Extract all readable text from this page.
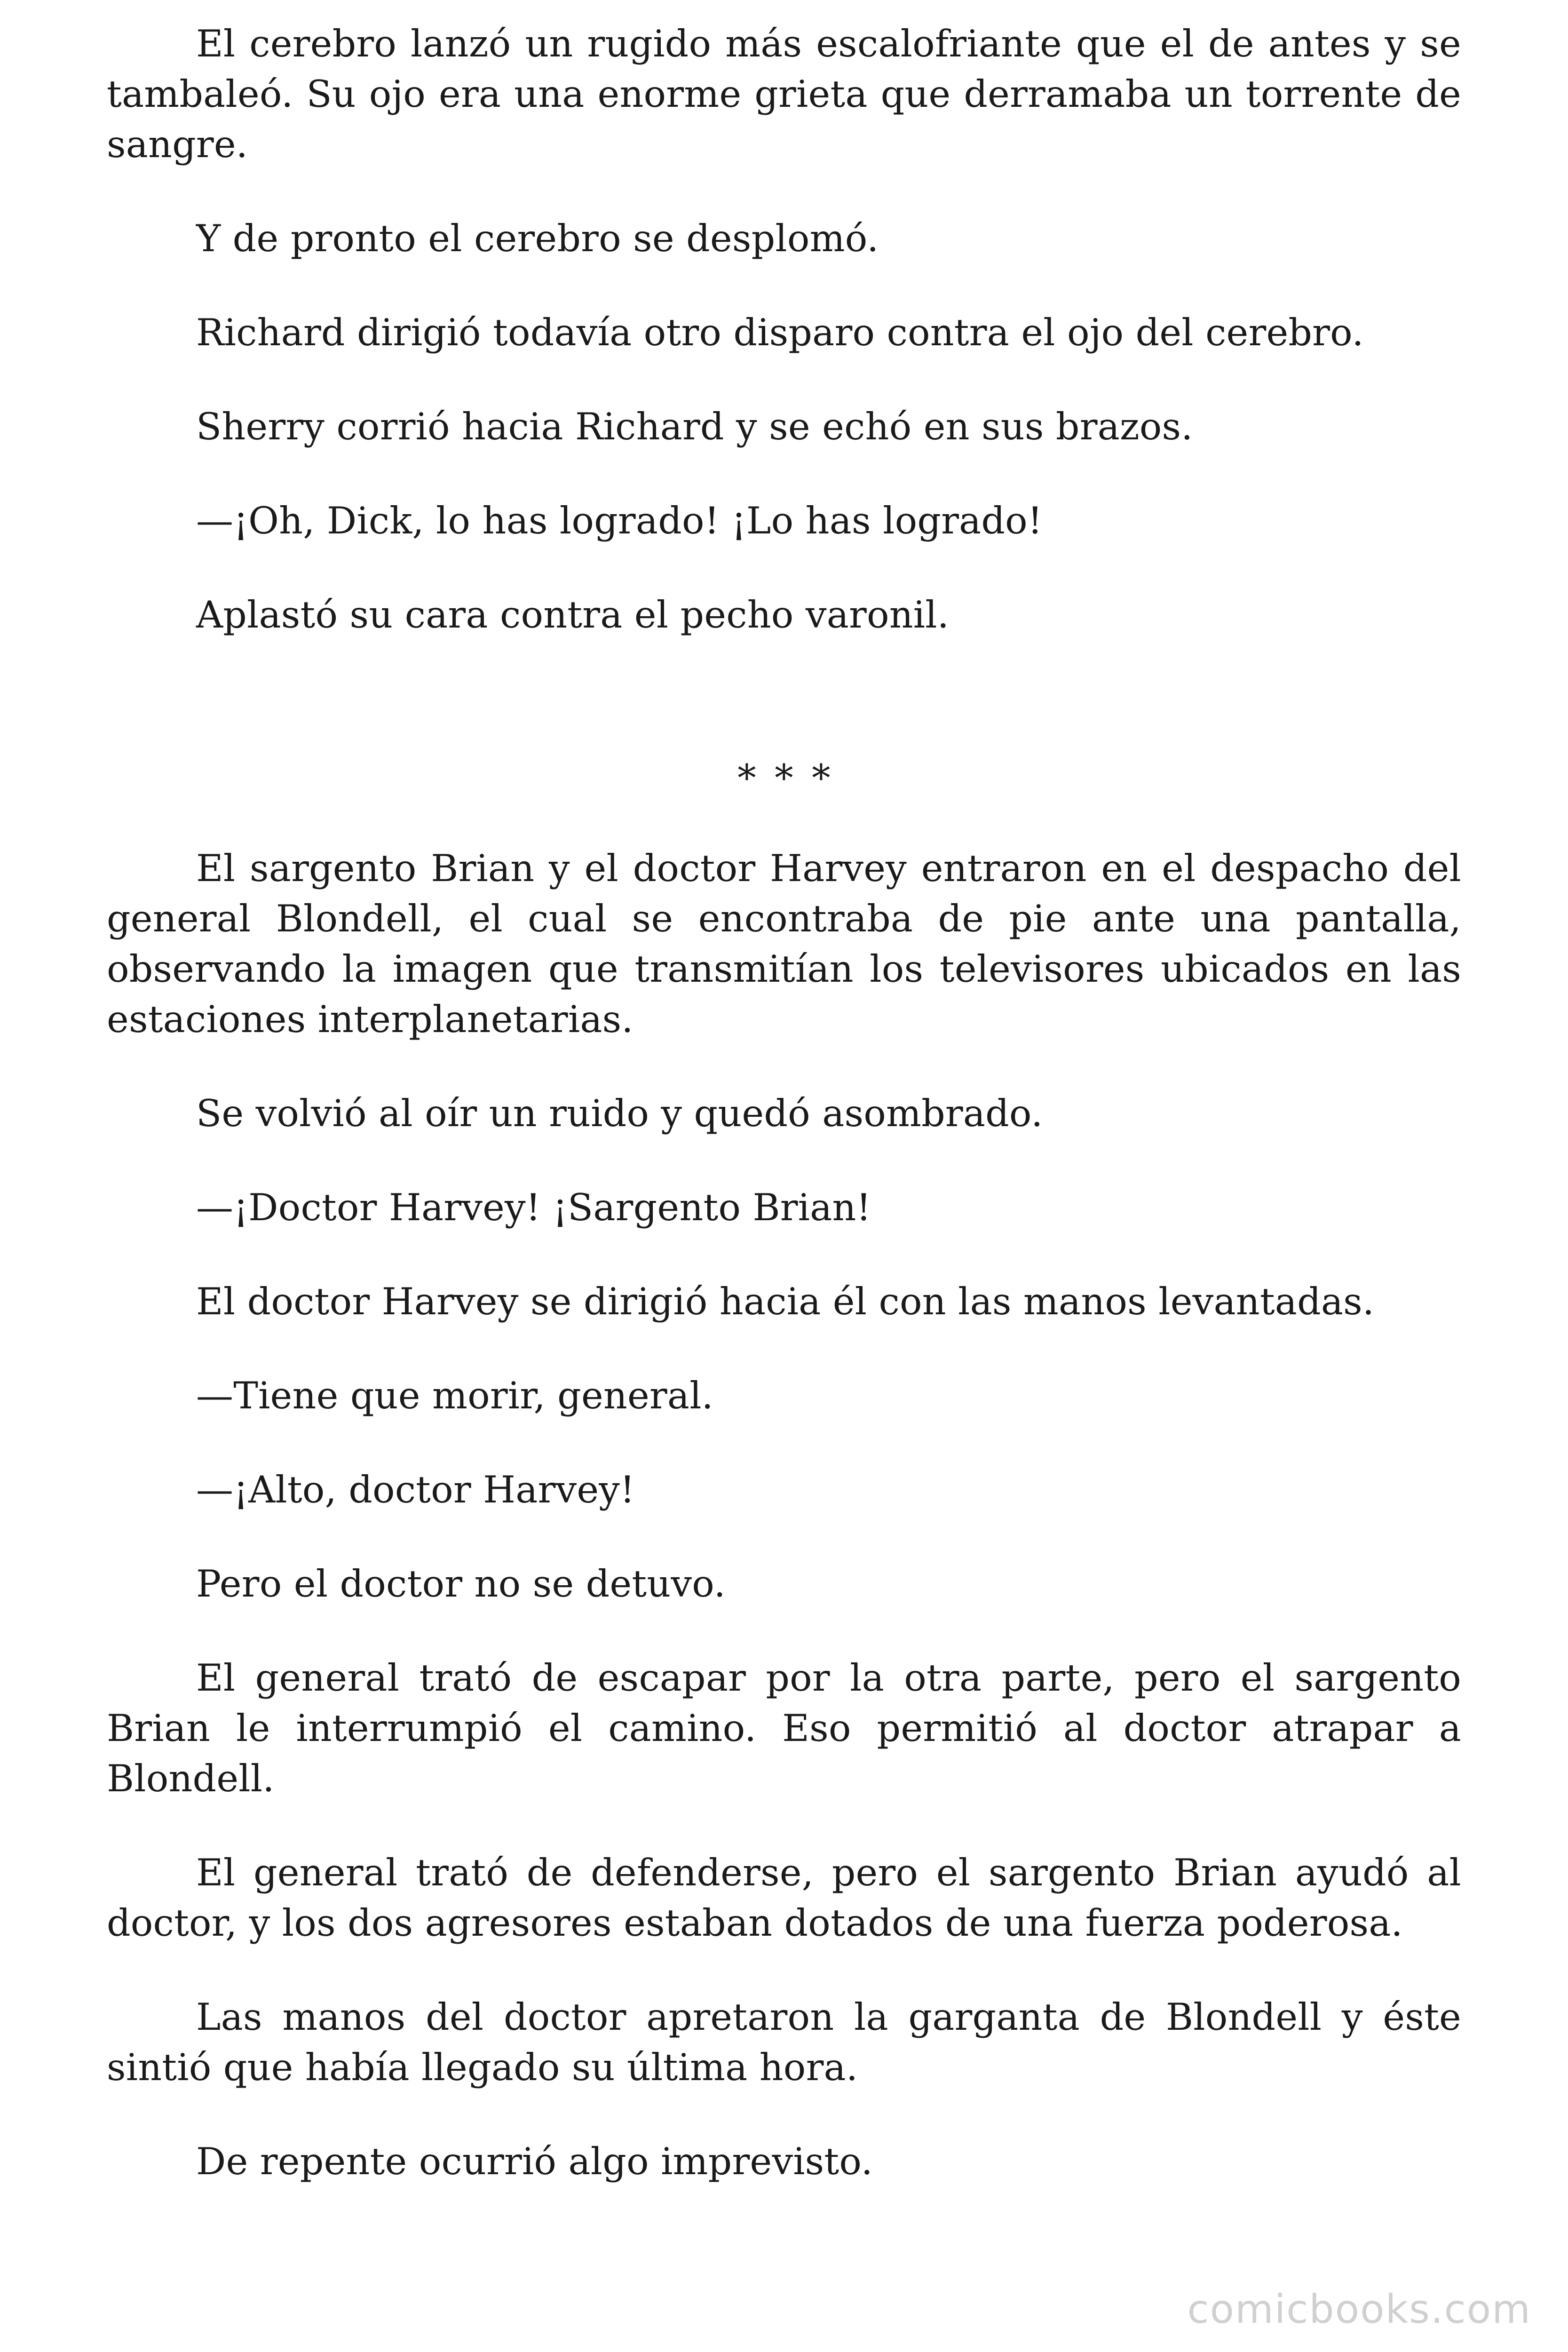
El cerebro lanzó un rugido más escalofriante que el de antes y se tambaleó. Su ojo era una enorme grieta que derramaba un torrente de sangre.

Y de pronto el cerebro se desplomó.

Richard dirigió todavía otro disparo contra el ojo del cerebro.

Sherry corrió hacia Richard y se echó en sus brazos.

—¡Oh, Dick, lo has logrado! ¡Lo has logrado!

Aplastó su cara contra el pecho varonil.

* * *

El sargento Brian y el doctor Harvey entraron en el despacho del general Blondell, el cual se encontraba de pie ante una pantalla, observando la imagen que transmitían los televisores ubicados en las estaciones interplanetarias.

Se volvió al oír un ruido y quedó asombrado.

—¡Doctor Harvey! ¡Sargento Brian!

El doctor Harvey se dirigió hacia él con las manos levantadas.

—Tiene que morir, general.

—¡Alto, doctor Harvey!

Pero el doctor no se detuvo.

El general trató de escapar por la otra parte, pero el sargento Brian le interrumpió el camino. Eso permitió al doctor atrapar a Blondell.

El general trató de defenderse, pero el sargento Brian ayudó al doctor, y los dos agresores estaban dotados de una fuerza poderosa.

Las manos del doctor apretaron la garganta de Blondell y éste sintió que había llegado su última hora.

De repente ocurrió algo imprevisto.

comicbooks.com
